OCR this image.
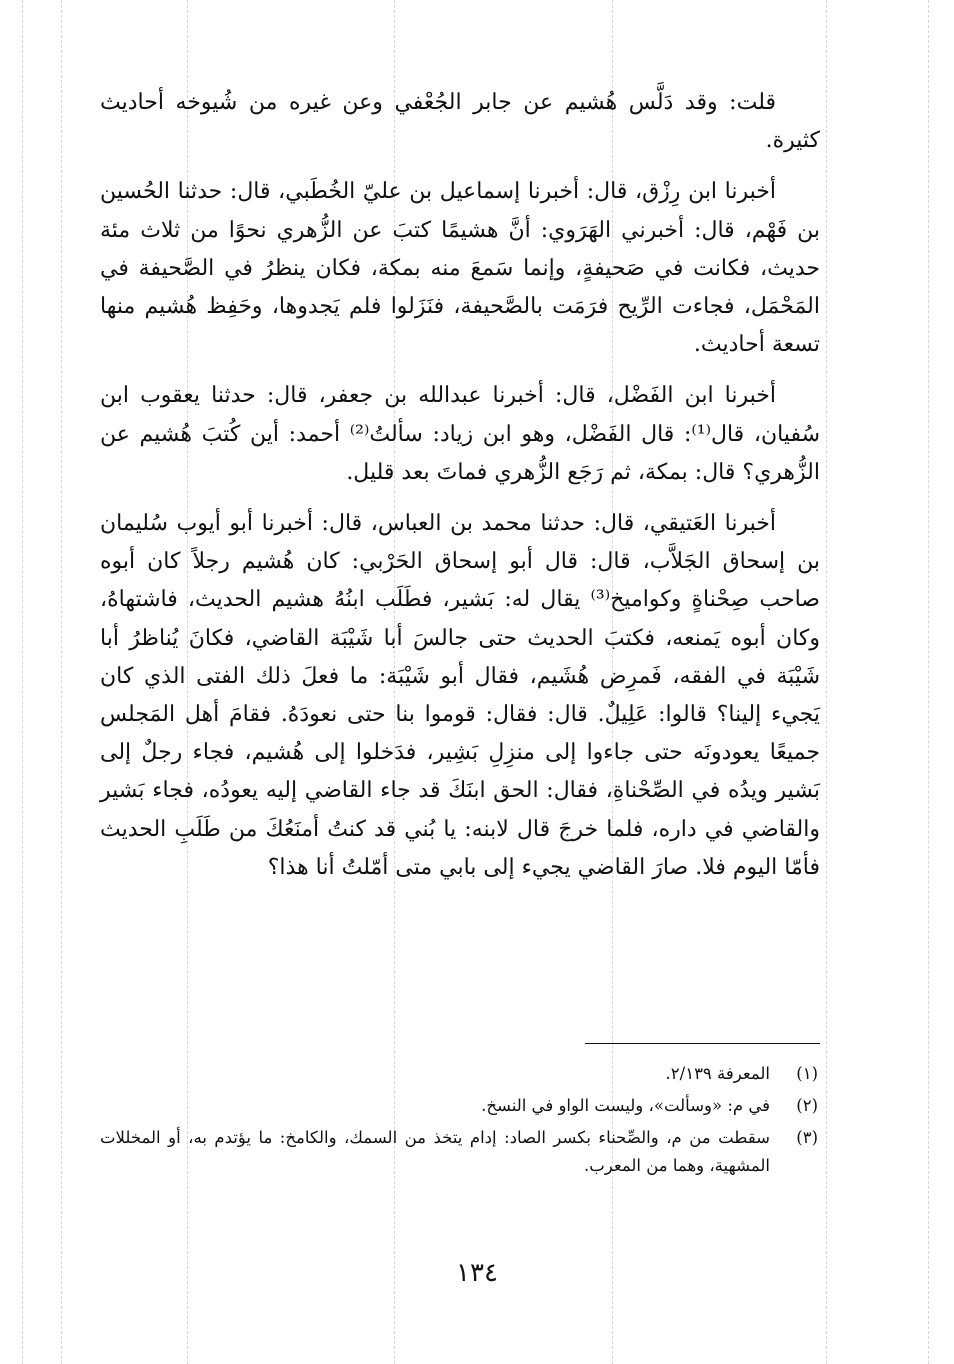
قلت: وقد دَلَّس هُشيم عن جابر الجُعْفي وعن غيره من شُيوخه أحاديث كثيرة.

أخبرنا ابن رِزْق، قال: أخبرنا إسماعيل بن عليّ الخُطَبي، قال: حدثنا الحُسين بن فَهْم، قال: أخبرني الهَرَوي: أنَّ هشيمًا كتبَ عن الزُّهري نحوًا من ثلاث مئة حديث، فكانت في صَحيفةٍ، وإنما سَمعَ منه بمكة، فكان ينظرُ في الصَّحيفة في المَحْمَل، فجاءت الرِّيح فرَمَت بالصَّحيفة، فنَزَلوا فلم يَجدوها، وحَفِظ هُشيم منها تسعة أحاديث.

أخبرنا ابن الفَضْل، قال: أخبرنا عبدالله بن جعفر، قال: حدثنا يعقوب ابن سُفيان، قال⁽¹⁾: قال الفَضْل، وهو ابن زياد: سألتُ⁽²⁾ أحمد: أين كُتبَ هُشيم عن الزُّهري؟ قال: بمكة، ثم رَجَع الزُّهري فماتَ بعد قليل.

أخبرنا العَتيقي، قال: حدثنا محمد بن العباس، قال: أخبرنا أبو أيوب سُليمان بن إسحاق الجَلاَّب، قال: قال أبو إسحاق الحَرْبي: كان هُشيم رجلاً كان أبوه صاحب صِحْناةٍ وكواميخ⁽³⁾ يقال له: بَشير، فطَلَب ابنُهُ هشيم الحديث، فاشتهاهُ، وكان أبوه يَمنعه، فكتبَ الحديث حتى جالسَ أبا شَيْبَة القاضي، فكانَ يُناظرُ أبا شَيْبَة في الفقه، فَمرِض هُشَيم، فقال أبو شَيْبَة: ما فعلَ ذلك الفتى الذي كان يَجيء إلينا؟ قالوا: عَلِيلٌ. قال: فقال: قوموا بنا حتى نعودَهُ. فقامَ أهل المَجلس جميعًا يعودونَه حتى جاءوا إلى منزِلِ بَشِير، فدَخلوا إلى هُشيم، فجاء رجلٌ إلى بَشير ويدُه في الصِّحْناةِ، فقال: الحق ابنَكَ قد جاء القاضي إليه يعودُه، فجاء بَشير والقاضي في داره، فلما خرجَ قال لابنه: يا بُني قد كنتُ أمنَعُكَ من طَلَبِ الحديث فأمّا اليوم فلا. صارَ القاضي يجيء إلى بابي متى أمّلتُ أنا هذا؟

(١)
المعرفة ٢/١٣٩.
(٢)
في م: «وسألت»، وليست الواو في النسخ.
(٣)
سقطت من م، والصِّحناء بكسر الصاد: إدام يتخذ من السمك، والكامخ: ما يؤتدم به، أو المخللات المشهية، وهما من المعرب.
١٣٤
